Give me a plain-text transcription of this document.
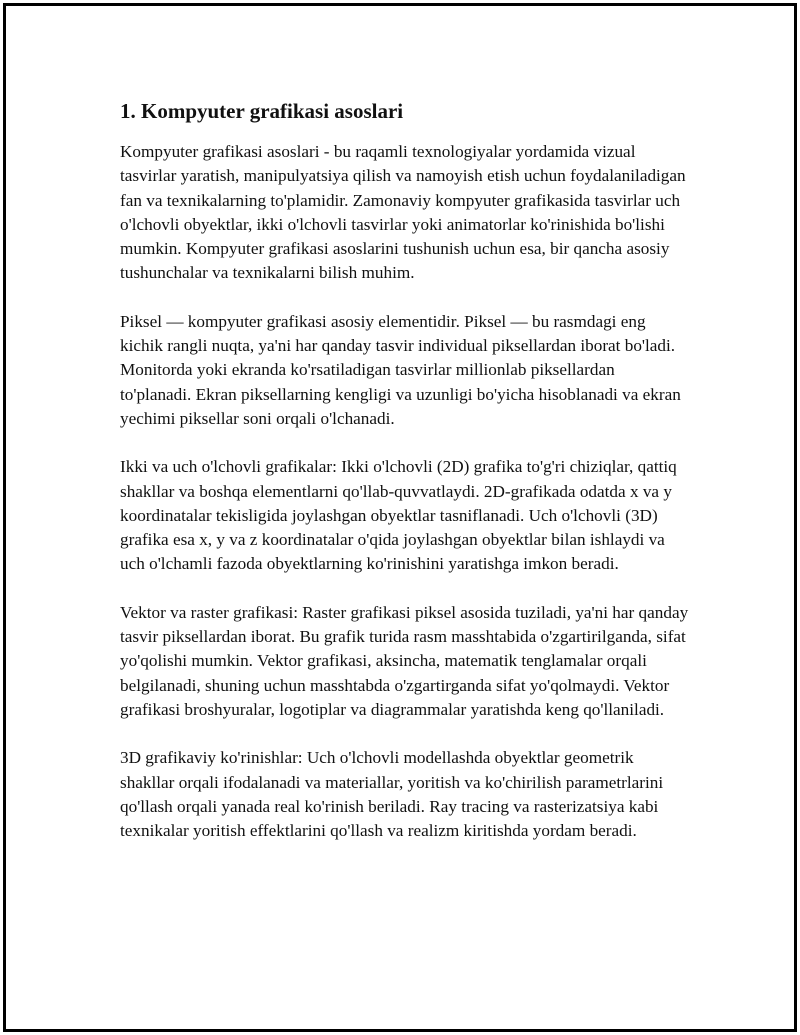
1. Kompyuter grafikasi asoslari

Kompyuter grafikasi asoslari - bu raqamli texnologiyalar yordamida vizual tasvirlar yaratish, manipulyatsiya qilish va namoyish etish uchun foydalaniladigan fan va texnikalarning to'plamidir. Zamonaviy kompyuter grafikasida tasvirlar uch o'lchovli obyektlar, ikki o'lchovli tasvirlar yoki animatorlar ko'rinishida bo'lishi mumkin. Kompyuter grafikasi asoslarini tushunish uchun esa, bir qancha asosiy tushunchalar va texnikalarni bilish muhim.

Piksel — kompyuter grafikasi asosiy elementidir. Piksel — bu rasmdagi eng kichik rangli nuqta, ya'ni har qanday tasvir individual piksellardan iborat bo'ladi. Monitorda yoki ekranda ko'rsatiladigan tasvirlar millionlab piksellardan to'planadi. Ekran piksellarning kengligi va uzunligi bo'yicha hisoblanadi va ekran yechimi piksellar soni orqali o'lchanadi.

Ikki va uch o'lchovli grafikalar: Ikki o'lchovli (2D) grafika to'g'ri chiziqlar, qattiq shakllar va boshqa elementlarni qo'llab-quvvatlaydi. 2D-grafikada odatda x va y koordinatalar tekisligida joylashgan obyektlar tasniflanadi. Uch o'lchovli (3D) grafika esa x, y va z koordinatalar o'qida joylashgan obyektlar bilan ishlaydi va uch o'lchamli fazoda obyektlarning ko'rinishini yaratishga imkon beradi.

Vektor va raster grafikasi: Raster grafikasi piksel asosida tuziladi, ya'ni har qanday tasvir piksellardan iborat. Bu grafik turida rasm masshtabida o'zgartirilganda, sifat yo'qolishi mumkin. Vektor grafikasi, aksincha, matematik tenglamalar orqali belgilanadi, shuning uchun masshtabda o'zgartirganda sifat yo'qolmaydi. Vektor grafikasi broshyuralar, logotiplar va diagrammalar yaratishda keng qo'llaniladi.

3D grafikaviy ko'rinishlar: Uch o'lchovli modellashda obyektlar geometrik shakllar orqali ifodalanadi va materiallar, yoritish va ko'chirilish parametrlarini qo'llash orqali yanada real ko'rinish beriladi. Ray tracing va rasterizatsiya kabi texnikalar yoritish effektlarini qo'llash va realizm kiritishda yordam beradi.
